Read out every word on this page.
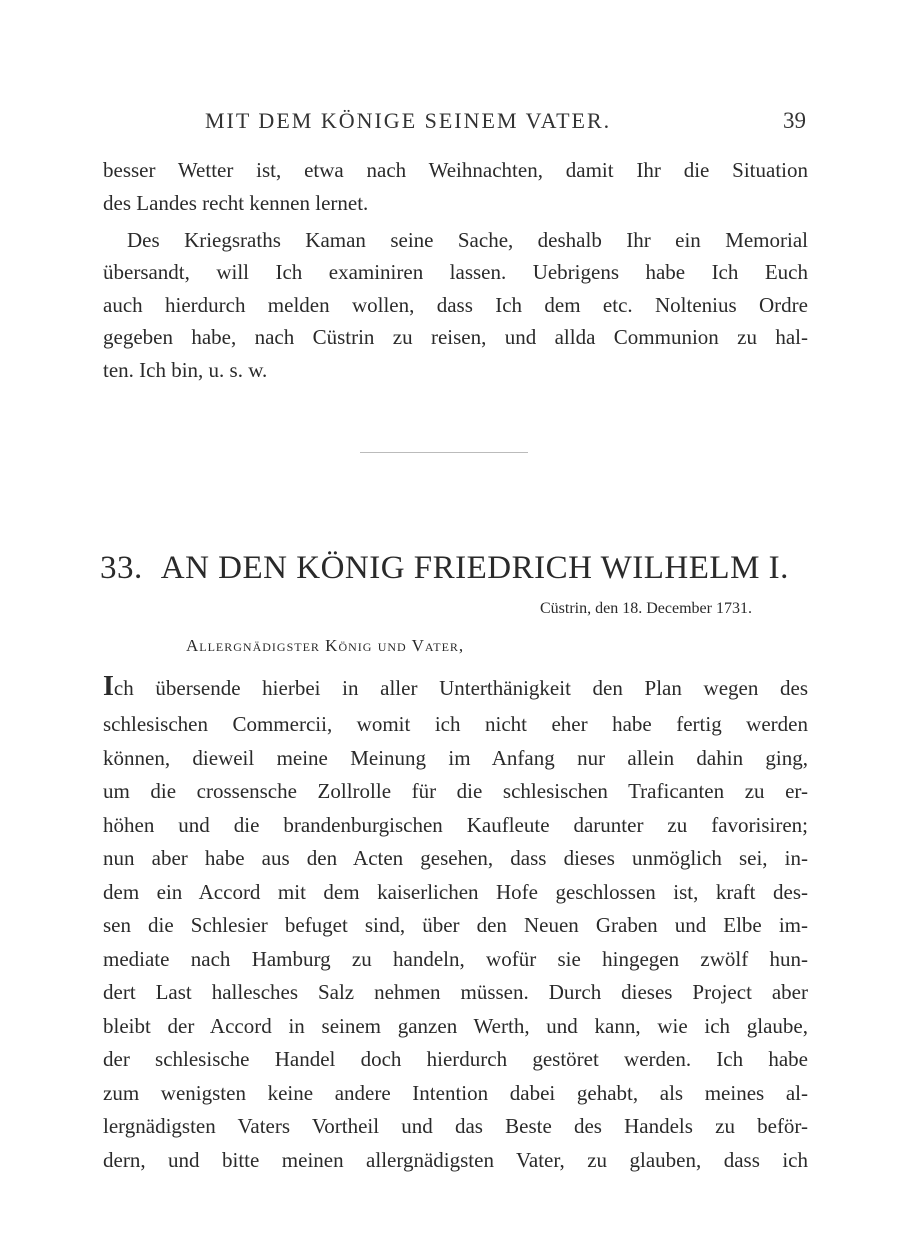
MIT DEM KÖNIGE SEINEM VATER.	39
besser Wetter ist, etwa nach Weihnachten, damit Ihr die Situation
des Landes recht kennen lernet.
Des Kriegsraths Kaman seine Sache, deshalb Ihr ein Memorial
übersandt, will Ich examiniren lassen. Uebrigens habe Ich Euch
auch hierdurch melden wollen, dass Ich dem etc. Noltenius Ordre
gegeben habe, nach Cüstrin zu reisen, und allda Communion zu hal-
ten. Ich bin, u. s. w.
33. AN DEN KÖNIG FRIEDRICH WILHELM I.
Cüstrin, den 18. December 1731.
Allergnädigster König und Vater,
schlesischen Commercii, womit ich nicht eher habe fertig werden
können, dieweil meine Meinung im Anfang nur allein dahin ging,
um die crossensche Zollrolle für die schlesischen Traficanten zu er-
höhen und die brandenburgischen Kaufleute darunter zu favorisiren;
nun aber habe aus den Acten gesehen, dass dieses unmöglich sei, in-
dem ein Accord mit dem kaiserlichen Hofe geschlossen ist, kraft des-
sen die Schlesier befuget sind, über den Neuen Graben und Elbe im-
mediate nach Hamburg zu handeln, wofür sie hingegen zwölf hun-
dert Last hallesches Salz nehmen müssen. Durch dieses Project aber
bleibt der Accord in seinem ganzen Werth, und kann, wie ich glaube,
der schlesische Handel doch hierdurch gestöret werden. Ich habe
zum wenigsten keine andere Intention dabei gehabt, als meines al-
lergnädigsten Vaters Vortheil und das Beste des Handels zu beför-
dern, und bitte meinen allergnädigsten Vater, zu glauben, dass ich
Ich übersende hierbei in aller Unterthänigkeit den Plan wegen des
